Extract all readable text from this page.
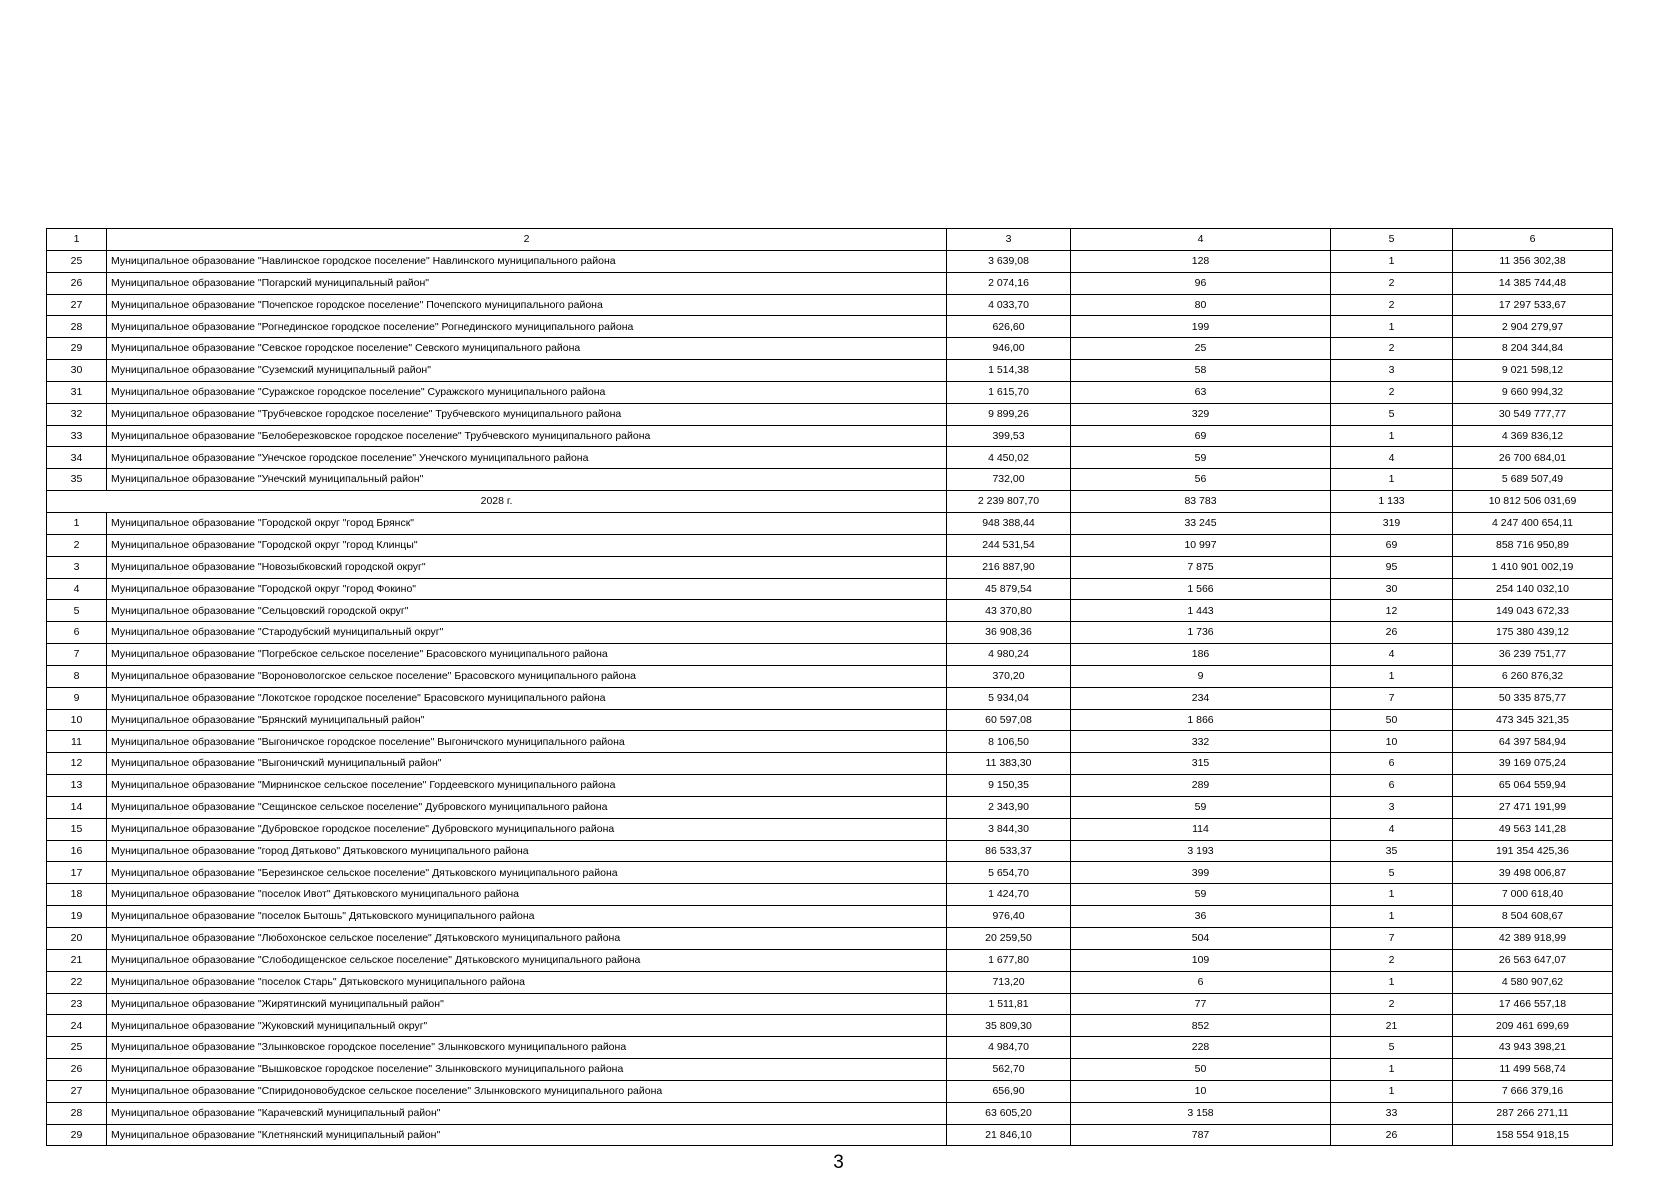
1	2	3	4	5	6
25	Муниципальное образование "Навлинское городское поселение" Навлинского муниципального района	3 639,08	128	1	11 356 302,38
26	Муниципальное образование "Погарский муниципальный район"	2 074,16	96	2	14 385 744,48
27	Муниципальное образование "Почепское городское поселение" Почепского муниципального района	4 033,70	80	2	17 297 533,67
28	Муниципальное образование "Рогнединское городское поселение" Рогнединского муниципального района	626,60	199	1	2 904 279,97
29	Муниципальное образование "Севское городское поселение" Севского муниципального района	946,00	25	2	8 204 344,84
30	Муниципальное образование "Суземский муниципальный район"	1 514,38	58	3	9 021 598,12
31	Муниципальное образование "Суражское городское поселение" Суражского муниципального района	1 615,70	63	2	9 660 994,32
32	Муниципальное образование "Трубчевское городское поселение" Трубчевского муниципального района	9 899,26	329	5	30 549 777,77
33	Муниципальное образование "Белоберезковское городское поселение" Трубчевского муниципального района	399,53	69	1	4 369 836,12
34	Муниципальное образование "Унечское городское поселение" Унечского муниципального района	4 450,02	59	4	26 700 684,01
35	Муниципальное образование "Унечский муниципальный район"	732,00	56	1	5 689 507,49
2028 г.		2 239 807,70	83 783	1 133	10 812 506 031,69
1	Муниципальное образование "Городской округ "город Брянск"	948 388,44	33 245	319	4 247 400 654,11
2	Муниципальное образование "Городской округ "город Клинцы"	244 531,54	10 997	69	858 716 950,89
3	Муниципальное образование "Новозыбковский городской округ"	216 887,90	7 875	95	1 410 901 002,19
4	Муниципальное образование "Городской округ "город Фокино"	45 879,54	1 566	30	254 140 032,10
5	Муниципальное образование "Сельцовский городской округ"	43 370,80	1 443	12	149 043 672,33
6	Муниципальное образование "Стародубский муниципальный округ"	36 908,36	1 736	26	175 380 439,12
7	Муниципальное образование "Погребское сельское поселение" Брасовского муниципального района	4 980,24	186	4	36 239 751,77
8	Муниципальное образование "Вороновологское сельское поселение" Брасовского муниципального района	370,20	9	1	6 260 876,32
9	Муниципальное образование "Локотское городское поселение" Брасовского муниципального района	5 934,04	234	7	50 335 875,77
10	Муниципальное образование "Брянский муниципальный район"	60 597,08	1 866	50	473 345 321,35
11	Муниципальное образование "Выгоничское городское поселение" Выгоничского муниципального района	8 106,50	332	10	64 397 584,94
12	Муниципальное образование "Выгоничский муниципальный район"	11 383,30	315	6	39 169 075,24
13	Муниципальное образование "Мирнинское сельское поселение" Гордеевского муниципального района	9 150,35	289	6	65 064 559,94
14	Муниципальное образование "Сещинское сельское поселение" Дубровского муниципального района	2 343,90	59	3	27 471 191,99
15	Муниципальное образование "Дубровское городское поселение" Дубровского муниципального района	3 844,30	114	4	49 563 141,28
16	Муниципальное образование "город Дятьково" Дятьковского муниципального района	86 533,37	3 193	35	191 354 425,36
17	Муниципальное образование "Березинское сельское поселение" Дятьковского муниципального района	5 654,70	399	5	39 498 006,87
18	Муниципальное образование "поселок Ивот" Дятьковского муниципального района	1 424,70	59	1	7 000 618,40
19	Муниципальное образование "поселок Бытошь" Дятьковского муниципального района	976,40	36	1	8 504 608,67
20	Муниципальное образование "Любохонское сельское поселение" Дятьковского муниципального района	20 259,50	504	7	42 389 918,99
21	Муниципальное образование "Слободищенское сельское поселение" Дятьковского муниципального района	1 677,80	109	2	26 563 647,07
22	Муниципальное образование "поселок Старь" Дятьковского муниципального района	713,20	6	1	4 580 907,62
23	Муниципальное образование "Жирятинский муниципальный район"	1 511,81	77	2	17 466 557,18
24	Муниципальное образование "Жуковский муниципальный округ"	35 809,30	852	21	209 461 699,69
25	Муниципальное образование "Злынковское городское поселение" Злынковского муниципального района	4 984,70	228	5	43 943 398,21
26	Муниципальное образование "Вышковское городское поселение" Злынковского муниципального района	562,70	50	1	11 499 568,74
27	Муниципальное образование "Спиридоновобудское сельское поселение" Злынковского муниципального района	656,90	10	1	7 666 379,16
28	Муниципальное образование "Карачевский муниципальный район"	63 605,20	3 158	33	287 266 271,11
29	Муниципальное образование "Клетнянский муниципальный район"	21 846,10	787	26	158 554 918,15
3
